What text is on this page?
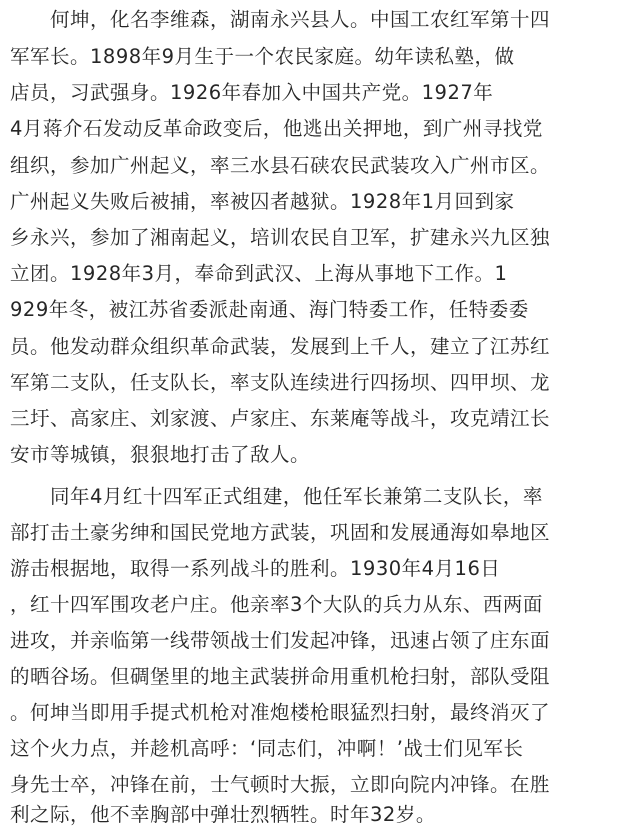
　　何坤，化名李维森，湖南永兴县人。中国工农红军第十四
军军长。1898年9月生于一个农民家庭。幼年读私塾，做
店员，习武强身。1926年春加入中国共产党。1927年
4月蒋介石发动反革命政变后，他逃出关押地，到广州寻找党
组织，参加广州起义，率三水县石硖农民武装攻入广州市区。
广州起义失败后被捕，率被囚者越狱。1928年1月回到家
乡永兴，参加了湘南起义，培训农民自卫军，扩建永兴九区独
立团。1928年3月，奉命到武汉、上海从事地下工作。1
929年冬，被江苏省委派赴南通、海门特委工作，任特委委
员。他发动群众组织革命武装，发展到上千人，建立了江苏红
军第二支队，任支队长，率支队连续进行四扬坝、四甲坝、龙
三圩、高家庄、刘家渡、卢家庄、东莱庵等战斗，攻克靖江长
安市等城镇，狠狠地打击了敌人。
　　同年4月红十四军正式组建，他任军长兼第二支队长，率
部打击土豪劣绅和国民党地方武装，巩固和发展通海如皋地区
游击根据地，取得一系列战斗的胜利。1930年4月16日
，红十四军围攻老户庄。他亲率3个大队的兵力从东、西两面
进攻，并亲临第一线带领战士们发起冲锋，迅速占领了庄东面
的晒谷场。但碉堡里的地主武装拼命用重机枪扫射，部队受阻
。何坤当即用手提式机枪对准炮楼枪眼猛烈扫射，最终消灭了
这个火力点，并趁机高呼：‘同志们，冲啊！’战士们见军长
身先士卒，冲锋在前，士气顿时大振，立即向院内冲锋。在胜
利之际，他不幸胸部中弹壮烈牺牲。时年32岁。
